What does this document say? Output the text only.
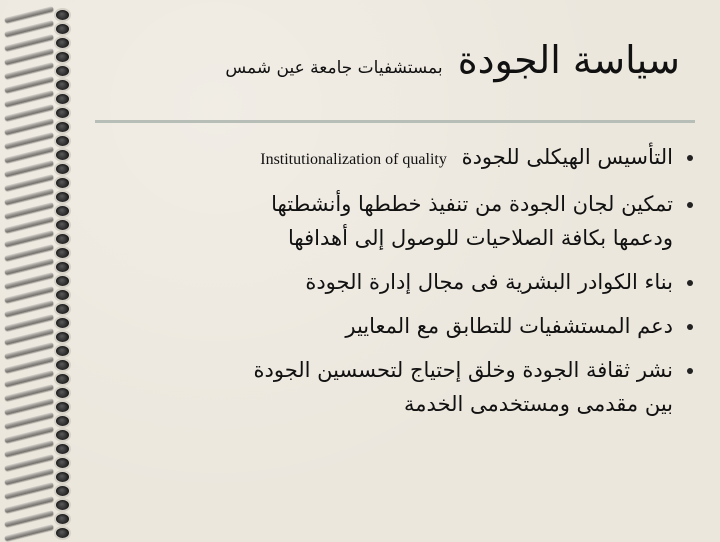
سياسة الجودة بمستشفيات جامعة عين شمس
التأسيس الهيكلى للجودة Institutionalization of quality
تمكين لجان الجودة من تنفيذ خططها وأنشطتها
ودعمها بكافة الصلاحيات للوصول إلى أهدافها
بناء الكوادر البشرية فى مجال إدارة الجودة
دعم المستشفيات للتطابق مع المعايير
نشر ثقافة الجودة وخلق إحتياج لتحسسين الجودة
بين مقدمى ومستخدمى الخدمة
